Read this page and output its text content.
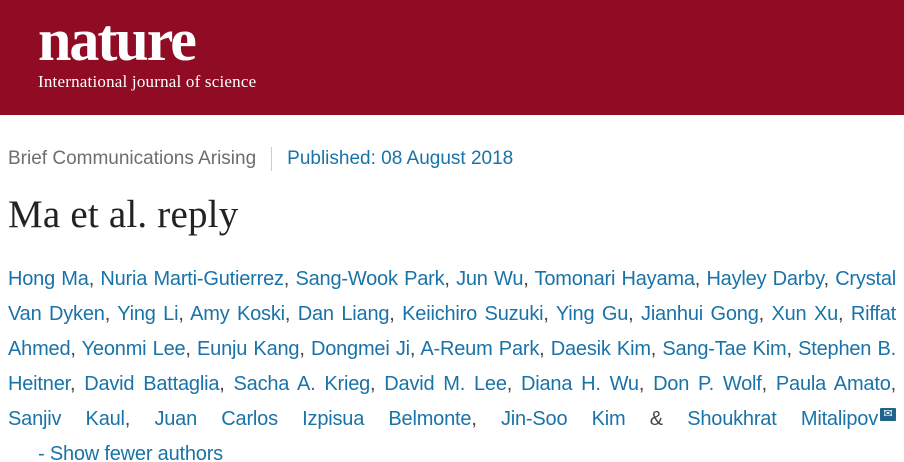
nature
International journal of science
Brief Communications Arising Published: 08 August 2018
Ma et al. reply

Hong Ma, Nuria Marti-Gutierrez, Sang-Wook Park, Jun Wu, Tomonari Hayama, Hayley Darby, Crystal Van Dyken, Ying Li, Amy Koski, Dan Liang, Keiichiro Suzuki, Ying Gu, Jianhui Gong, Xun Xu, Riffat Ahmed, Yeonmi Lee, Eunju Kang, Dongmei Ji, A-Reum Park, Daesik Kim, Sang-Tae Kim, Stephen B. Heitner, David Battaglia, Sacha A. Krieg, David M. Lee, Diana H. Wu, Don P. Wolf, Paula Amato, Sanjiv Kaul, Juan Carlos Izpisua Belmonte, Jin-Soo Kim & Shoukhrat Mitalipov ✉- Show fewer authors
